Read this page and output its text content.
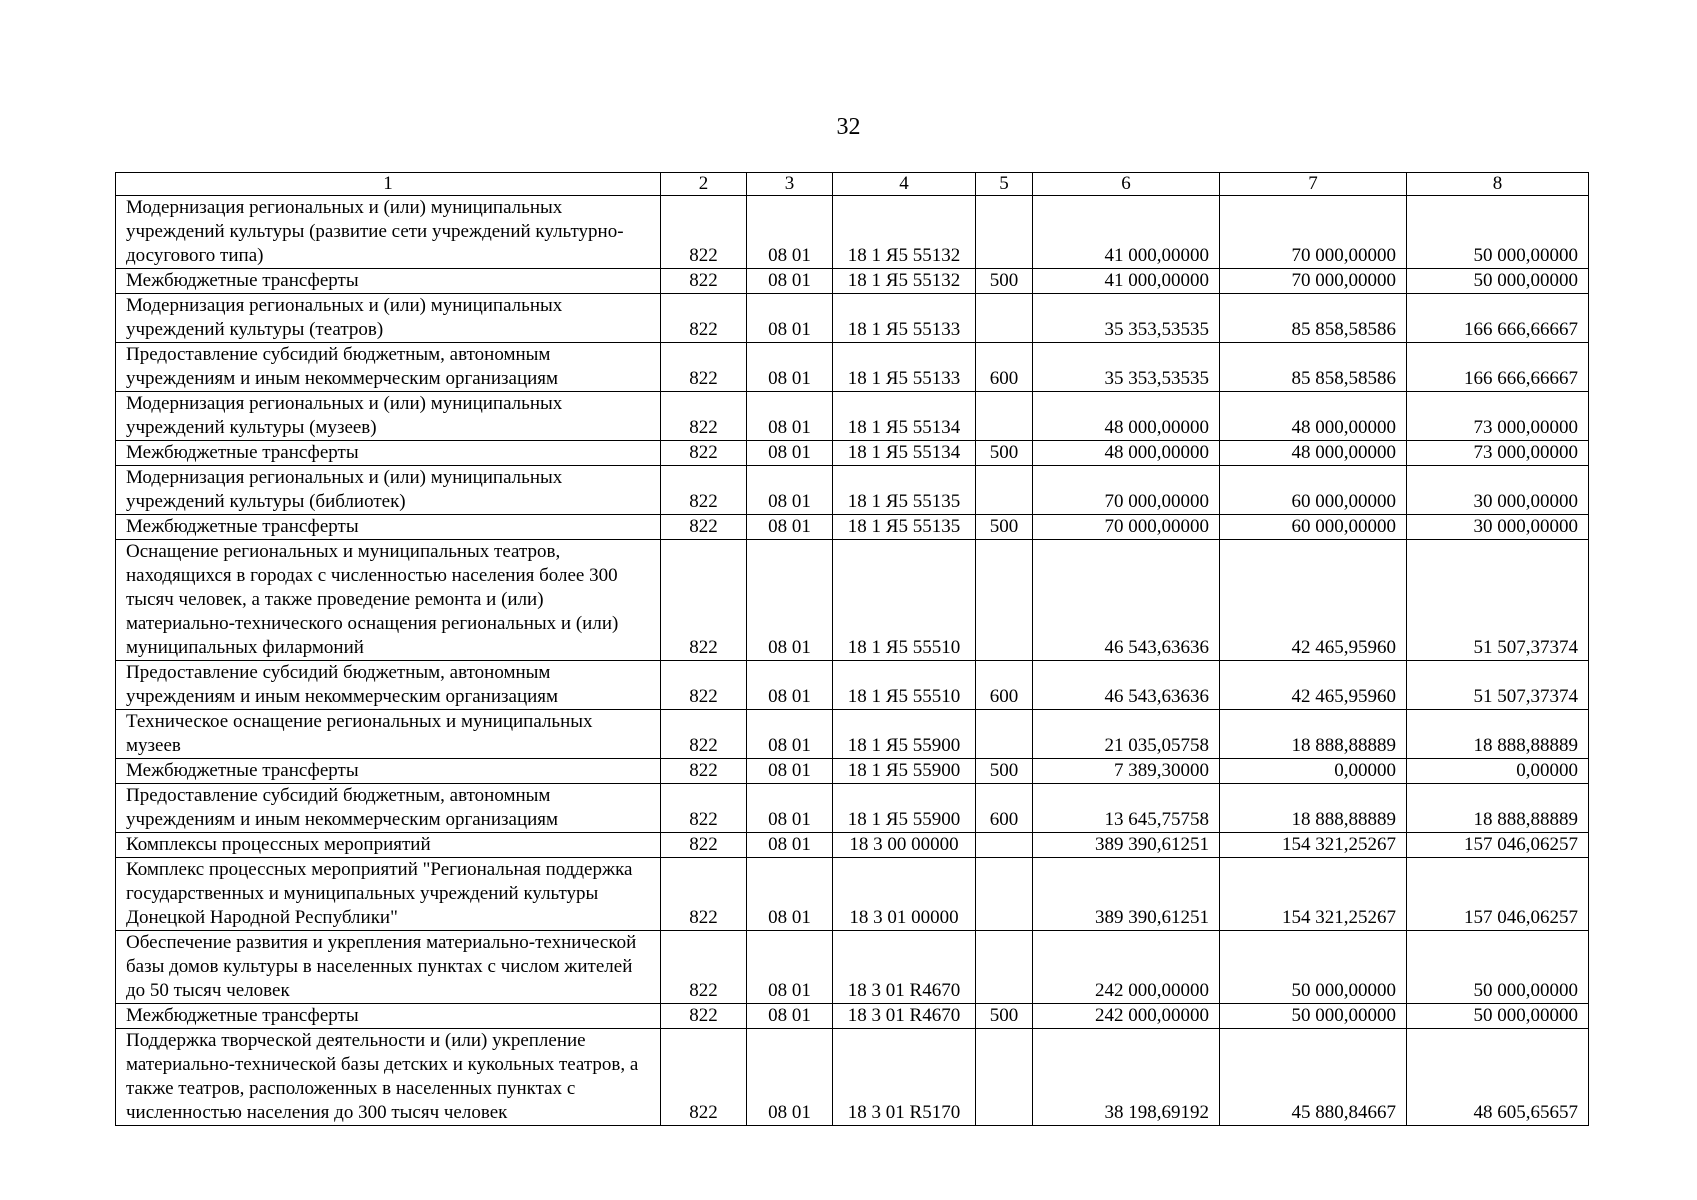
32
1	2	3	4	5	6	7	8
Модернизация региональных и (или) муниципальных учреждений культуры (развитие сети учреждений культурно-досугового типа)	822	08 01	18 1 Я5 55132		41 000,00000	70 000,00000	50 000,00000
Межбюджетные трансферты	822	08 01	18 1 Я5 55132	500	41 000,00000	70 000,00000	50 000,00000
Модернизация региональных и (или) муниципальных учреждений культуры (театров)	822	08 01	18 1 Я5 55133		35 353,53535	85 858,58586	166 666,66667
Предоставление субсидий бюджетным, автономным учреждениям и иным некоммерческим организациям	822	08 01	18 1 Я5 55133	600	35 353,53535	85 858,58586	166 666,66667
Модернизация региональных и (или) муниципальных учреждений культуры (музеев)	822	08 01	18 1 Я5 55134		48 000,00000	48 000,00000	73 000,00000
Межбюджетные трансферты	822	08 01	18 1 Я5 55134	500	48 000,00000	48 000,00000	73 000,00000
Модернизация региональных и (или) муниципальных учреждений культуры (библиотек)	822	08 01	18 1 Я5 55135		70 000,00000	60 000,00000	30 000,00000
Межбюджетные трансферты	822	08 01	18 1 Я5 55135	500	70 000,00000	60 000,00000	30 000,00000
Оснащение региональных и муниципальных театров, находящихся в городах с численностью населения более 300 тысяч человек, а также проведение ремонта и (или) материально-технического оснащения региональных и (или) муниципальных филармоний	822	08 01	18 1 Я5 55510		46 543,63636	42 465,95960	51 507,37374
Предоставление субсидий бюджетным, автономным учреждениям и иным некоммерческим организациям	822	08 01	18 1 Я5 55510	600	46 543,63636	42 465,95960	51 507,37374
Техническое оснащение региональных и муниципальных музеев	822	08 01	18 1 Я5 55900		21 035,05758	18 888,88889	18 888,88889
Межбюджетные трансферты	822	08 01	18 1 Я5 55900	500	7 389,30000	0,00000	0,00000
Предоставление субсидий бюджетным, автономным учреждениям и иным некоммерческим организациям	822	08 01	18 1 Я5 55900	600	13 645,75758	18 888,88889	18 888,88889
Комплексы процессных мероприятий	822	08 01	18 3 00 00000		389 390,61251	154 321,25267	157 046,06257
Комплекс процессных мероприятий "Региональная поддержка государственных и муниципальных учреждений культуры Донецкой Народной Республики"	822	08 01	18 3 01 00000		389 390,61251	154 321,25267	157 046,06257
Обеспечение развития и укрепления материально-технической базы домов культуры в населенных пунктах с числом жителей до 50 тысяч человек	822	08 01	18 3 01 R4670		242 000,00000	50 000,00000	50 000,00000
Межбюджетные трансферты	822	08 01	18 3 01 R4670	500	242 000,00000	50 000,00000	50 000,00000
Поддержка творческой деятельности и (или) укрепление материально-технической базы детских и кукольных театров, а также театров, расположенных в населенных пунктах с численностью населения до 300 тысяч человек	822	08 01	18 3 01 R5170		38 198,69192	45 880,84667	48 605,65657
